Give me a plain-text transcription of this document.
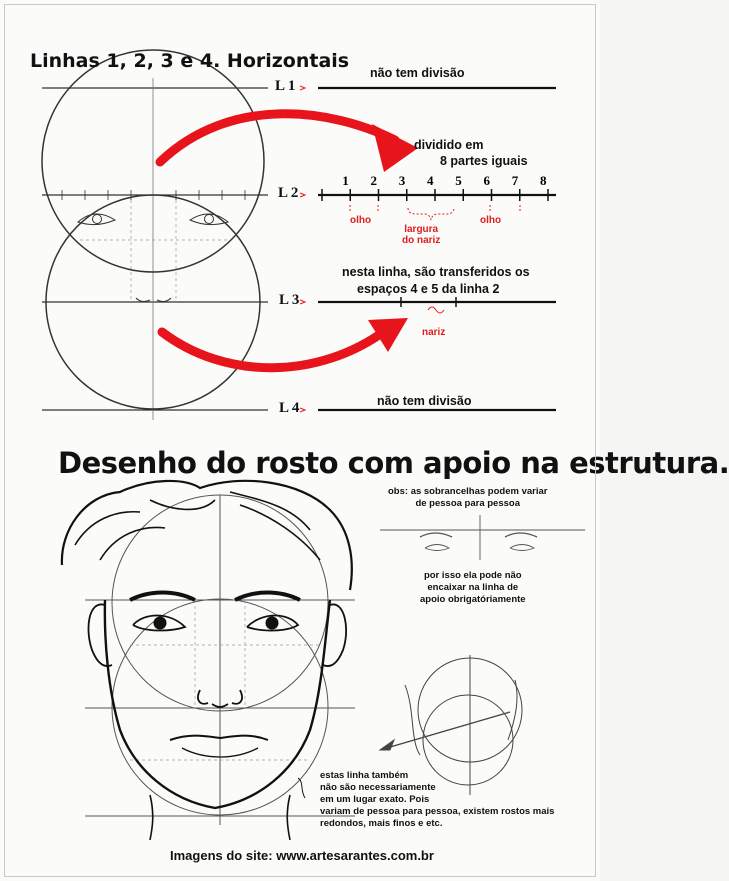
Linhas 1, 2, 3 e 4. Horizontais
L 1
não tem divisão
dividido em
8 partes iguais
L 2
1 2 3 4 5 6 7 8
olho
largura
do nariz
olho
nesta linha, são transferidos os
espaços 4 e 5 da linha 2
L 3
nariz
não tem divisão
L 4
Desenho do rosto com apoio na estrutura.
obs: as sobrancelhas podem variar
de pessoa para pessoa
por isso ela pode não
encaixar na linha de
apoio obrigatóriamente
estas linha também
não são necessariamente
em um lugar exato. Pois
variam de pessoa para pessoa, existem rostos mais
redondos, mais finos e etc.
Imagens do site: www.artesarantes.com.br
